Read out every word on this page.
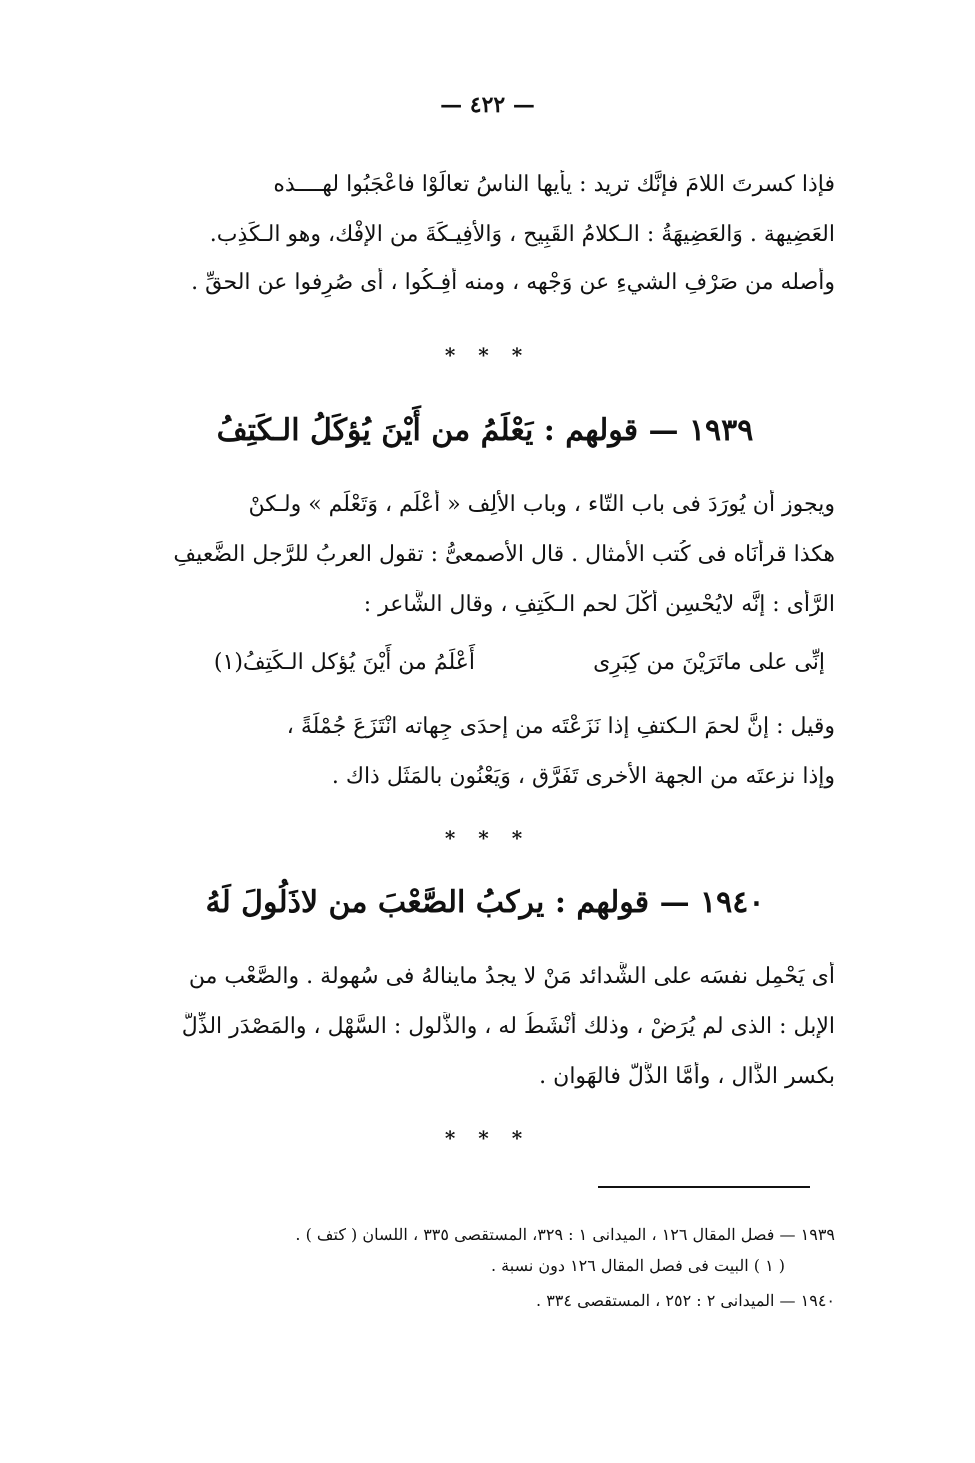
— ٤٢٢ —
فإذا كسرتَ اللامَ فإنَّك تريد : يأيها الناسُ تعالَوْا فاعْجَبُوا لهــــذه
العَضِيهة . وَالعَضِيهَةُ : الـكلامُ القَبِيح ، وَالأَفِيـكَةَ من الإفْك، وهو الـكَذِب.
وأصله من صَرْفِ الشيءِ عن وَجْهه ، ومنه أُفِـكُوا ، أى صُرِفوا عن الحقِّ .
* * *
١٩٣٩ — قولهم : يَعْلَمُ من أَيْنَ يُؤكَلُ الـكَتِفُ
ويجوز أن يُورَدَ فى باب التّاء ، وباب الألِف « أَعْلَم ، وَتَعْلَم » ولـكنْ
هكذا قرأْنَاه فى كُتب الأمثال . قال الأصمعىُّ : تقول العربُ للرَّجل الضَّعيفِ
الرَّأى : إنَّه لايُحْسِن أَكْلَ لحم الـكَتِفِ ، وقال الشَّاعر :
إنِّى على ماتَرَيْنَ من كِبَرِى
أَعْلَمُ من أَيْنَ يُؤكل الـكَتِفُ(١)
وقيل : إنَّ لحمَ الـكتفِ إذا نَزَعْتَه من إحدَى جِهاته انْتَزَعَ جُمْلَةً ،
وإذا نزعتَه من الجهة الأخرى تَفَرَّق ، وَيَعْنُون بالمَثَل ذاك .
* * *
١٩٤٠ — قولهم : يركبُ الصَّعْبَ من لاذَلُولَ لَهُ
أى يَحْمِل نفسَه على الشَّدائد مَنْ لا يجدُ ماينالهُ فى سُهولة . والصَّعْب من
الإبل : الذى لم يُرَضْ ، وذلك أَنْشَطُ له ، والذَّلول : السَّهْل ، والمَصْدَر الذِّلُّ
بكسر الذَّال ، وأمَّا الذُّلّ فالهَوان .
* * *
١٩٣٩ — فصل المقال ١٢٦ ، الميدانى ١ : ٣٢٩، المستقصى ٣٣٥ ، اللسان ( كتف ) .
( ١ ) البيت فى فصل المقال ١٢٦ دون نسبة .
١٩٤٠ — الميدانى ٢ : ٢٥٢ ، المستقصى ٣٣٤ .
